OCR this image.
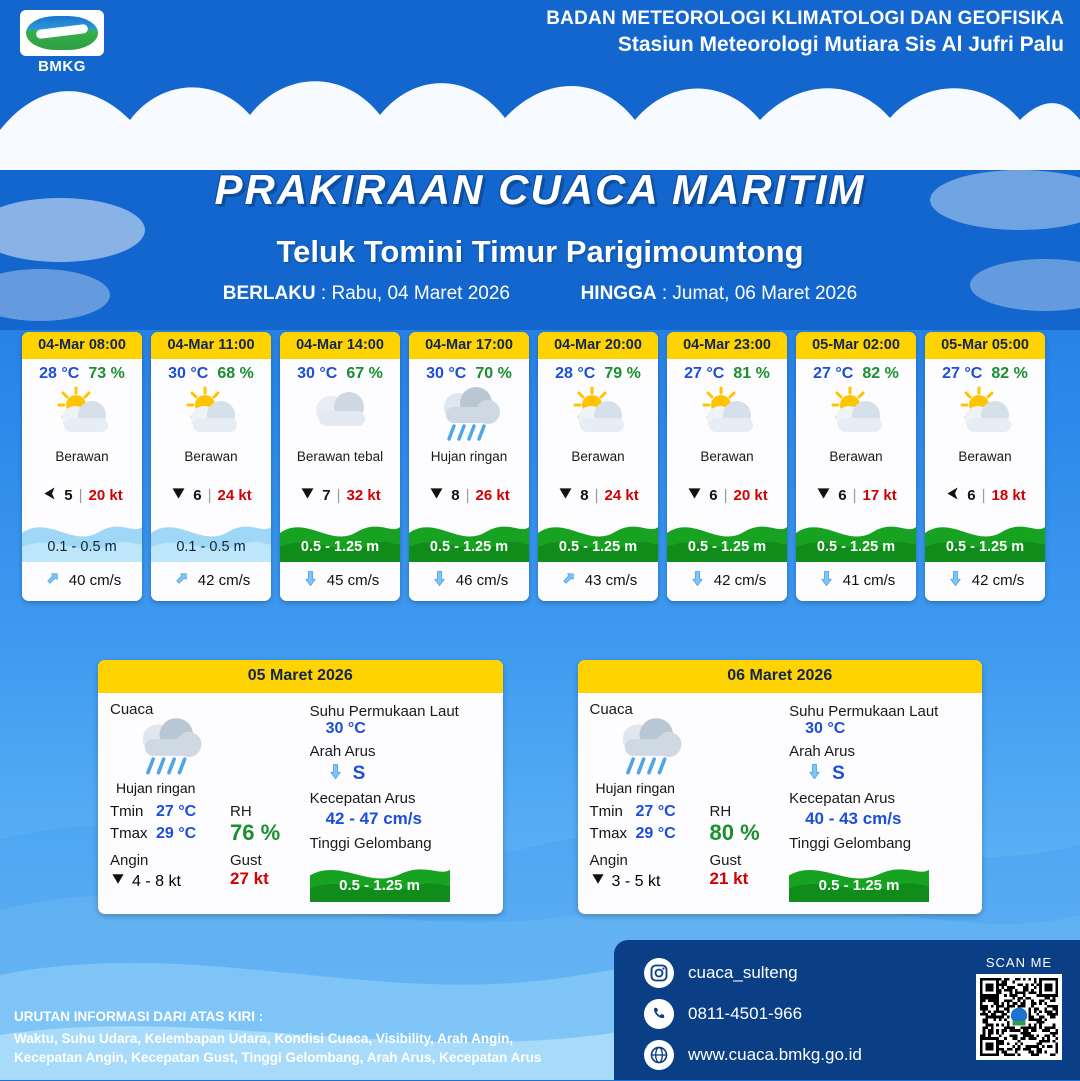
BMKG
BADAN METEOROLOGI KLIMATOLOGI DAN GEOFISIKA
Stasiun Meteorologi Mutiara Sis Al Jufri Palu
PRAKIRAAN CUACA MARITIM
Teluk Tomini Timur Parigimountong
BERLAKU : Rabu, 04 Maret 2026	HINGGA : Jumat, 06 Maret 2026
04-Mar 08:00
28 °C 73 %
Berawan
5 | 20 kt
0.1 - 0.5 m
40 cm/s
04-Mar 11:00
30 °C 68 %
Berawan
6 | 24 kt
0.1 - 0.5 m
42 cm/s
04-Mar 14:00
30 °C 67 %
Berawan tebal
7 | 32 kt
0.5 - 1.25 m
45 cm/s
04-Mar 17:00
30 °C 70 %
Hujan ringan
8 | 26 kt
0.5 - 1.25 m
46 cm/s
04-Mar 20:00
28 °C 79 %
Berawan
8 | 24 kt
0.5 - 1.25 m
43 cm/s
04-Mar 23:00
27 °C 81 %
Berawan
6 | 20 kt
0.5 - 1.25 m
42 cm/s
05-Mar 02:00
27 °C 82 %
Berawan
6 | 17 kt
0.5 - 1.25 m
41 cm/s
05-Mar 05:00
27 °C 82 %
Berawan
6 | 18 kt
0.5 - 1.25 m
42 cm/s
05 Maret 2026
Cuaca
Hujan ringan
Tmin 27 °C
Tmax 29 °C
RH
76 %
Angin
4 - 8 kt
Gust
27 kt
Suhu Permukaan Laut
30 °C
Arah Arus
S
Kecepatan Arus
42 - 47 cm/s
Tinggi Gelombang
0.5 - 1.25 m
06 Maret 2026
Cuaca
Hujan ringan
Tmin 27 °C
Tmax 29 °C
RH
80 %
Angin
3 - 5 kt
Gust
21 kt
Suhu Permukaan Laut
30 °C
Arah Arus
S
Kecepatan Arus
40 - 43 cm/s
Tinggi Gelombang
0.5 - 1.25 m
cuaca_sulteng
0811-4501-966
www.cuaca.bmkg.go.id
SCAN ME
URUTAN INFORMASI DARI ATAS KIRI :
Waktu, Suhu Udara, Kelembapan Udara, Kondisi Cuaca, Visibility, Arah Angin,
Kecepatan Angin, Kecepatan Gust, Tinggi Gelombang, Arah Arus, Kecepatan Arus
